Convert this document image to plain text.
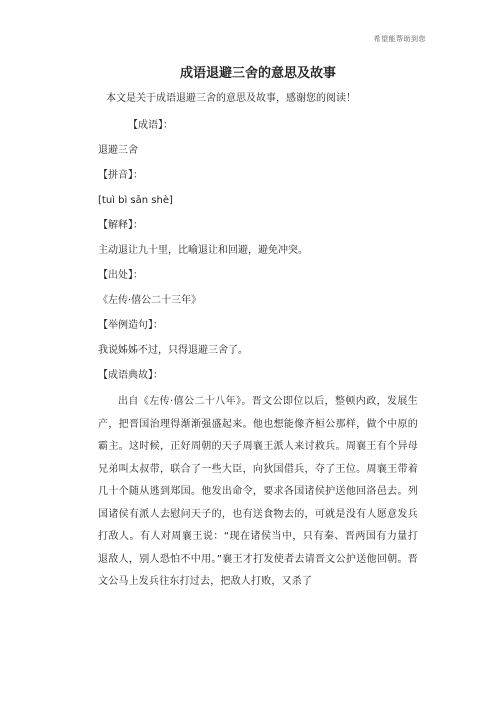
希望能帮助到您
成语退避三舍的意思及故事

本文是关于成语退避三舍的意思及故事，感谢您的阅读！

【成语】：

退避三舍

【拼音】：

[tuì bì sān shè]

【解释】：

主动退让九十里，比喻退让和回避，避免冲突。

【出处】：

《左传·僖公二十三年》

【举例造句】：

我说姊姊不过，只得退避三舍了。

【成语典故】：

出自《左传·僖公二十八年》。晋文公即位以后，整顿内政，发展生产，把晋国治理得渐渐强盛起来。他也想能像齐桓公那样，做个中原的霸主。这时候，正好周朝的天子周襄王派人来讨救兵。周襄王有个异母兄弟叫太叔带，联合了一些大臣，向狄国借兵，夺了王位。周襄王带着几十个随从逃到郑国。他发出命令，要求各国诸侯护送他回洛邑去。列国诸侯有派人去慰问天子的，也有送食物去的，可就是没有人愿意发兵打敌人。有人对周襄王说：“现在诸侯当中，只有秦、晋两国有力量打退敌人，别人恐怕不中用。”襄王才打发使者去请晋文公护送他回朝。晋文公马上发兵往东打过去，把敌人打败，又杀了
